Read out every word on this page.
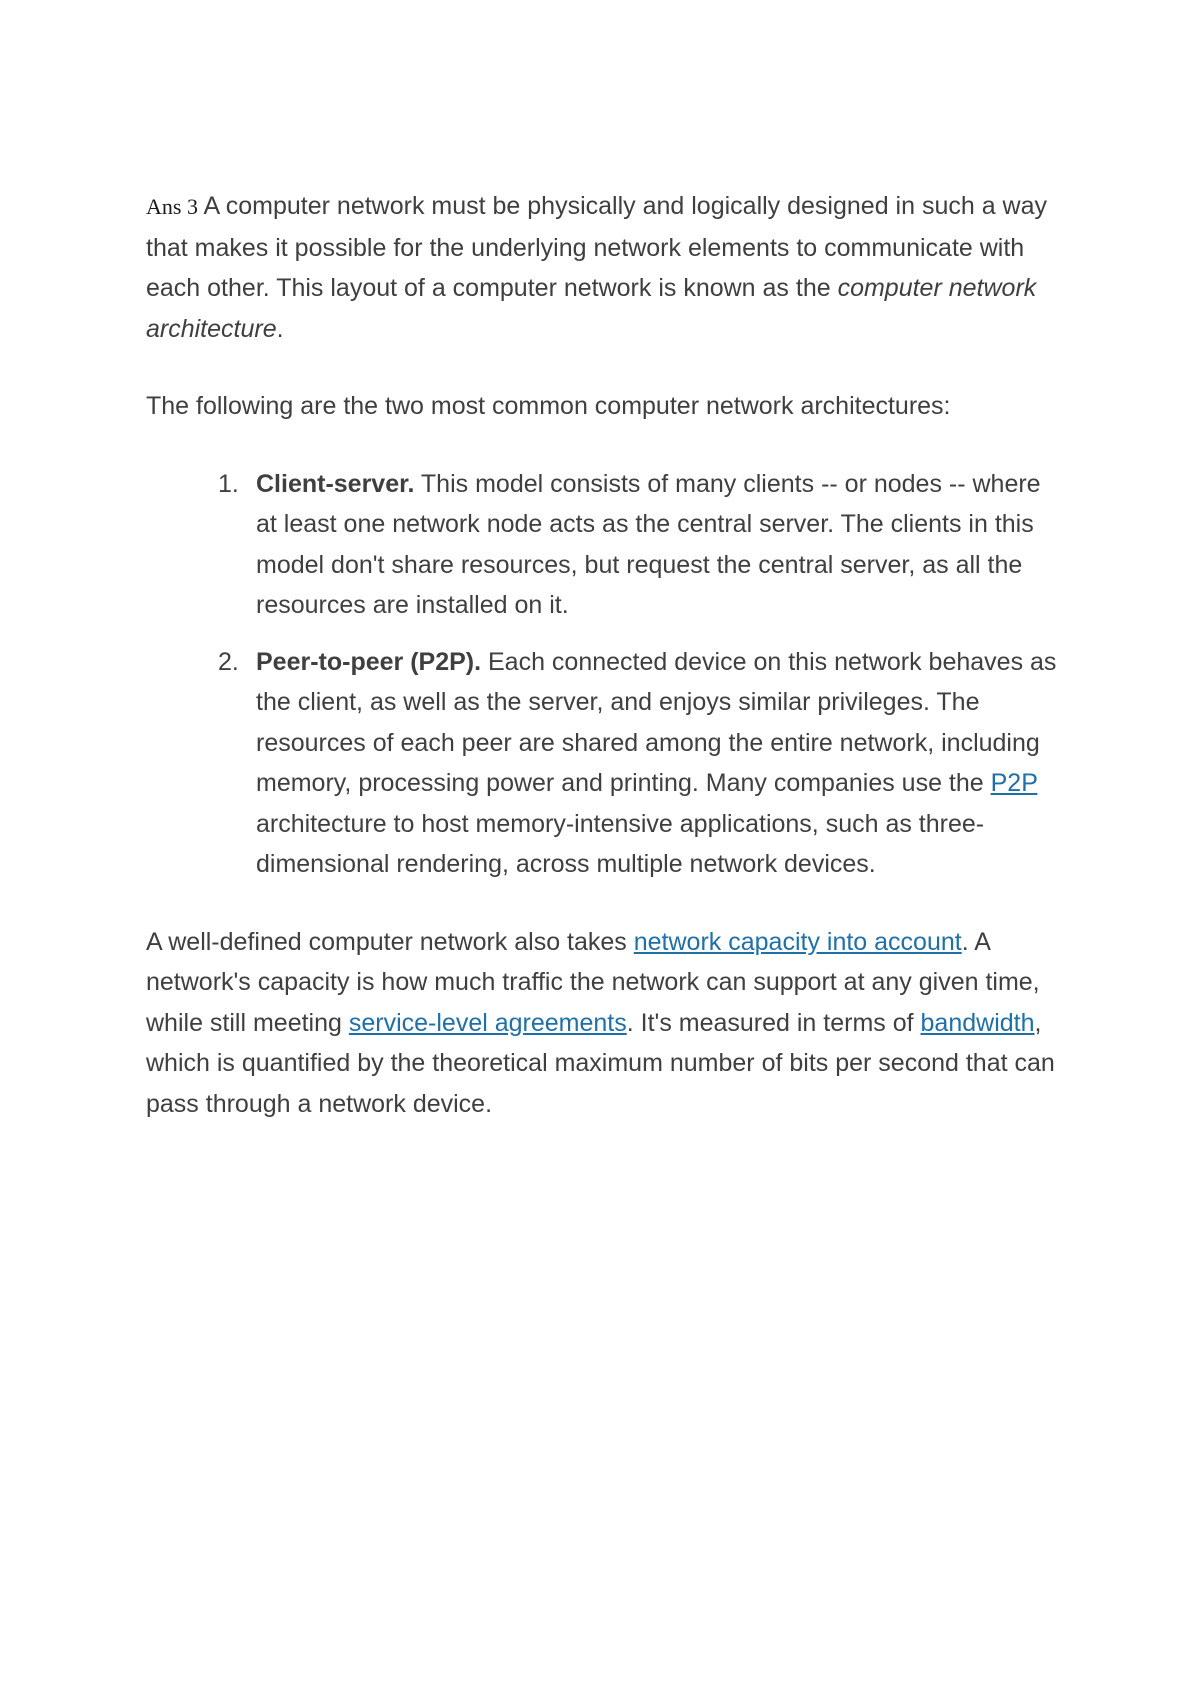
Ans 3 A computer network must be physically and logically designed in such a way that makes it possible for the underlying network elements to communicate with each other. This layout of a computer network is known as the computer network architecture.

The following are the two most common computer network architectures:

1. Client-server. This model consists of many clients -- or nodes -- where at least one network node acts as the central server. The clients in this model don't share resources, but request the central server, as all the resources are installed on it.
2. Peer-to-peer (P2P). Each connected device on this network behaves as the client, as well as the server, and enjoys similar privileges. The resources of each peer are shared among the entire network, including memory, processing power and printing. Many companies use the P2P architecture to host memory-intensive applications, such as three-dimensional rendering, across multiple network devices.

A well-defined computer network also takes network capacity into account. A network's capacity is how much traffic the network can support at any given time, while still meeting service-level agreements. It's measured in terms of bandwidth, which is quantified by the theoretical maximum number of bits per second that can pass through a network device.
